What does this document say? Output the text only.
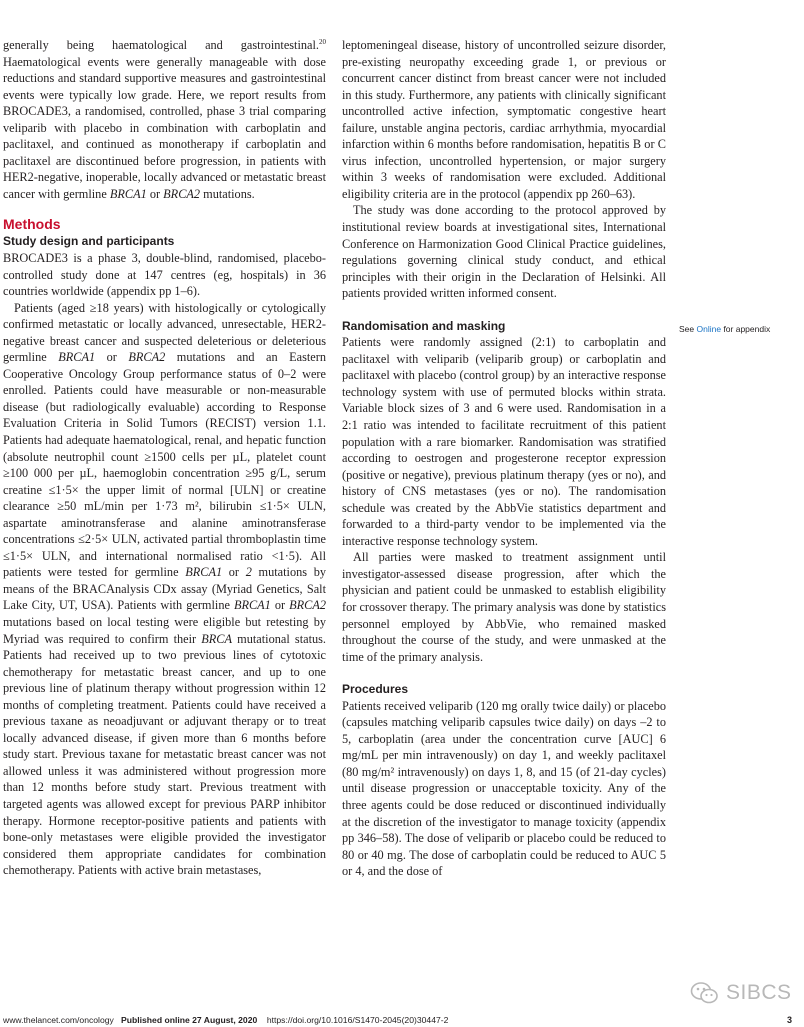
generally being haematological and gastrointestinal.$^{20}$ Haematological events were generally manageable with dose reductions and standard supportive measures and gastrointestinal events were typically low grade. Here, we report results from BROCADE3, a randomised, controlled, phase 3 trial comparing veliparib with placebo in combination with carboplatin and paclitaxel, and continued as monotherapy if carboplatin and paclitaxel are discontinued before progression, in patients with HER2-negative, inoperable, locally advanced or metastatic breast cancer with germline BRCA1 or BRCA2 mutations.

Methods
Study design and participants

BROCADE3 is a phase 3, double-blind, randomised, placebo-controlled study done at 147 centres (eg, hospitals) in 36 countries worldwide (appendix pp 1–6).

Patients (aged ≥18 years) with histologically or cytologically confirmed metastatic or locally advanced, unresectable, HER2-negative breast cancer and suspected deleterious or deleterious germline BRCA1 or BRCA2 mutations and an Eastern Cooperative Oncology Group performance status of 0–2 were enrolled. Patients could have measurable or non-measurable disease (but radiologically evaluable) according to Response Evaluation Criteria in Solid Tumors (RECIST) version 1.1. Patients had adequate haematological, renal, and hepatic function (absolute neutrophil count ≥1500 cells per µL, platelet count ≥100 000 per µL, haemoglobin concentration ≥95 g/L, serum creatine ≤1·5× the upper limit of normal [ULN] or creatine clearance ≥50 mL/min per 1·73 m², bilirubin ≤1·5× ULN, aspartate aminotransferase and alanine aminotransferase concentrations ≤2·5× ULN, activated partial thromboplastin time ≤1·5× ULN, and international normalised ratio <1·5). All patients were tested for germline BRCA1 or 2 mutations by means of the BRACAnalysis CDx assay (Myriad Genetics, Salt Lake City, UT, USA). Patients with germline BRCA1 or BRCA2 mutations based on local testing were eligible but retesting by Myriad was required to confirm their BRCA mutational status. Patients had received up to two previous lines of cytotoxic chemotherapy for metastatic breast cancer, and up to one previous line of platinum therapy without progression within 12 months of completing treatment. Patients could have received a previous taxane as neoadjuvant or adjuvant therapy or to treat locally advanced disease, if given more than 6 months before study start. Previous taxane for metastatic breast cancer was not allowed unless it was administered without progression more than 12 months before study start. Previous treatment with targeted agents was allowed except for previous PARP inhibitor therapy. Hormone receptor-positive patients and patients with bone-only metastases were eligible provided the investigator considered them appropriate candidates for combination chemotherapy. Patients with active brain metastases,

leptomeningeal disease, history of uncontrolled seizure disorder, pre-existing neuropathy exceeding grade 1, or previous or concurrent cancer distinct from breast cancer were not included in this study. Furthermore, any patients with clinically significant uncontrolled active infection, symptomatic congestive heart failure, unstable angina pectoris, cardiac arrhythmia, myocardial infarction within 6 months before randomisation, hepatitis B or C virus infection, uncontrolled hypertension, or major surgery within 3 weeks of randomisation were excluded. Additional eligibility criteria are in the protocol (appendix pp 260–63).

The study was done according to the protocol approved by institutional review boards at investigational sites, International Conference on Harmonization Good Clinical Practice guidelines, regulations governing clinical study conduct, and ethical principles with their origin in the Declaration of Helsinki. All patients provided written informed consent.

Randomisation and masking

Patients were randomly assigned (2:1) to carboplatin and paclitaxel with veliparib (veliparib group) or carboplatin and paclitaxel with placebo (control group) by an interactive response technology system with use of permuted blocks within strata. Variable block sizes of 3 and 6 were used. Randomisation in a 2:1 ratio was intended to facilitate recruitment of this patient population with a rare biomarker. Randomisation was stratified according to oestrogen and progesterone receptor expression (positive or negative), previous platinum therapy (yes or no), and history of CNS metastases (yes or no). The randomisation schedule was created by the AbbVie statistics department and forwarded to a third-party vendor to be implemented via the interactive response technology system.

All parties were masked to treatment assignment until investigator-assessed disease progression, after which the physician and patient could be unmasked to establish eligibility for crossover therapy. The primary analysis was done by statistics personnel employed by AbbVie, who remained masked throughout the course of the study, and were unmasked at the time of the primary analysis.

Procedures

Patients received veliparib (120 mg orally twice daily) or placebo (capsules matching veliparib capsules twice daily) on days –2 to 5, carboplatin (area under the concentration curve [AUC] 6 mg/mL per min intravenously) on day 1, and weekly paclitaxel (80 mg/m² intravenously) on days 1, 8, and 15 (of 21-day cycles) until disease progression or unacceptable toxicity. Any of the three agents could be dose reduced or discontinued individually at the discretion of the investigator to manage toxicity (appendix pp 346–58). The dose of veliparib or placebo could be reduced to 80 or 40 mg. The dose of carboplatin could be reduced to AUC 5 or 4, and the dose of

See Online for appendix
SIBCS
www.thelancet.com/oncology Published online 27 August, 2020 https://doi.org/10.1016/S1470-2045(20)30447-2	3
